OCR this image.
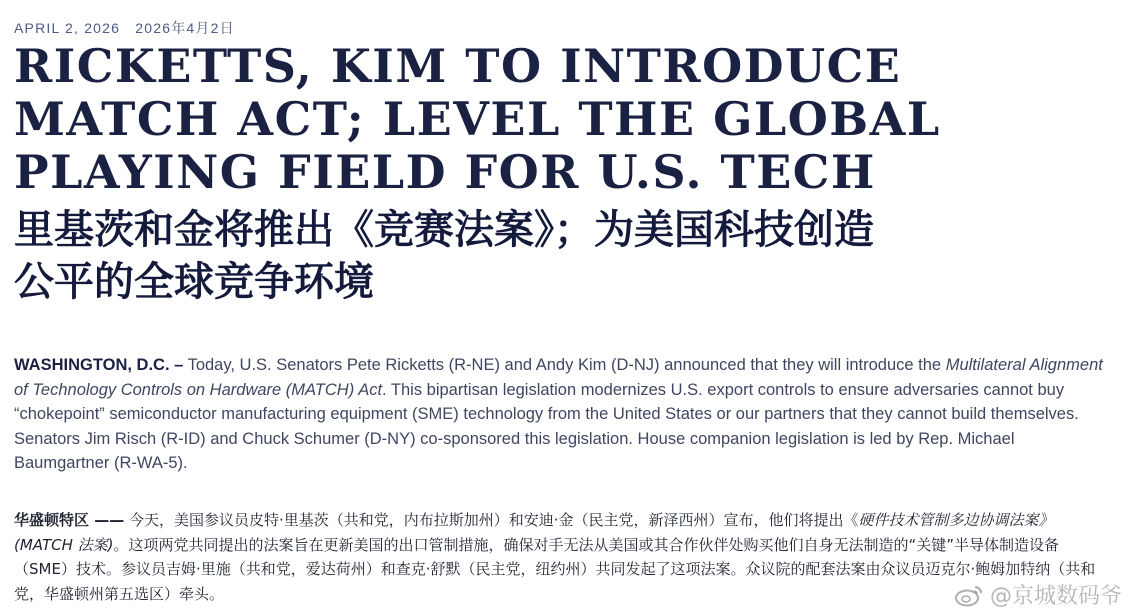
APRIL 2, 2026 2026年4月2日
RICKETTS, KIM TO INTRODUCE
MATCH ACT; LEVEL THE GLOBAL
PLAYING FIELD FOR U.S. TECH
里基茨和金将推出《竞赛法案》；为美国科技创造
公平的全球竞争环境

WASHINGTON, D.C. – Today, U.S. Senators Pete Ricketts (R-NE) and Andy Kim (D-NJ) announced that they will introduce the Multilateral Alignment of Technology Controls on Hardware (MATCH) Act. This bipartisan legislation modernizes U.S. export controls to ensure adversaries cannot buy “chokepoint” semiconductor manufacturing equipment (SME) technology from the United States or our partners that they cannot build themselves. Senators Jim Risch (R-ID) and Chuck Schumer (D-NY) co-sponsored this legislation. House companion legislation is led by Rep. Michael Baumgartner (R-WA-5).

华盛顿特区 —— 今天，美国参议员皮特·里基茨（共和党，内布拉斯加州）和安迪·金（民主党，新泽西州）宣布，他们将提出《硬件技术管制多边协调法案》(MATCH 法案)。这项两党共同提出的法案旨在更新美国的出口管制措施，确保对手无法从美国或其合作伙伴处购买他们自身无法制造的“关键”半导体制造设备（SME）技术。参议员吉姆·里施（共和党，爱达荷州）和查克·舒默（民主党，纽约州）共同发起了这项法案。众议院的配套法案由众议员迈克尔·鲍姆加特纳（共和党，华盛顿州第五选区）牵头。	@京城数码爷
